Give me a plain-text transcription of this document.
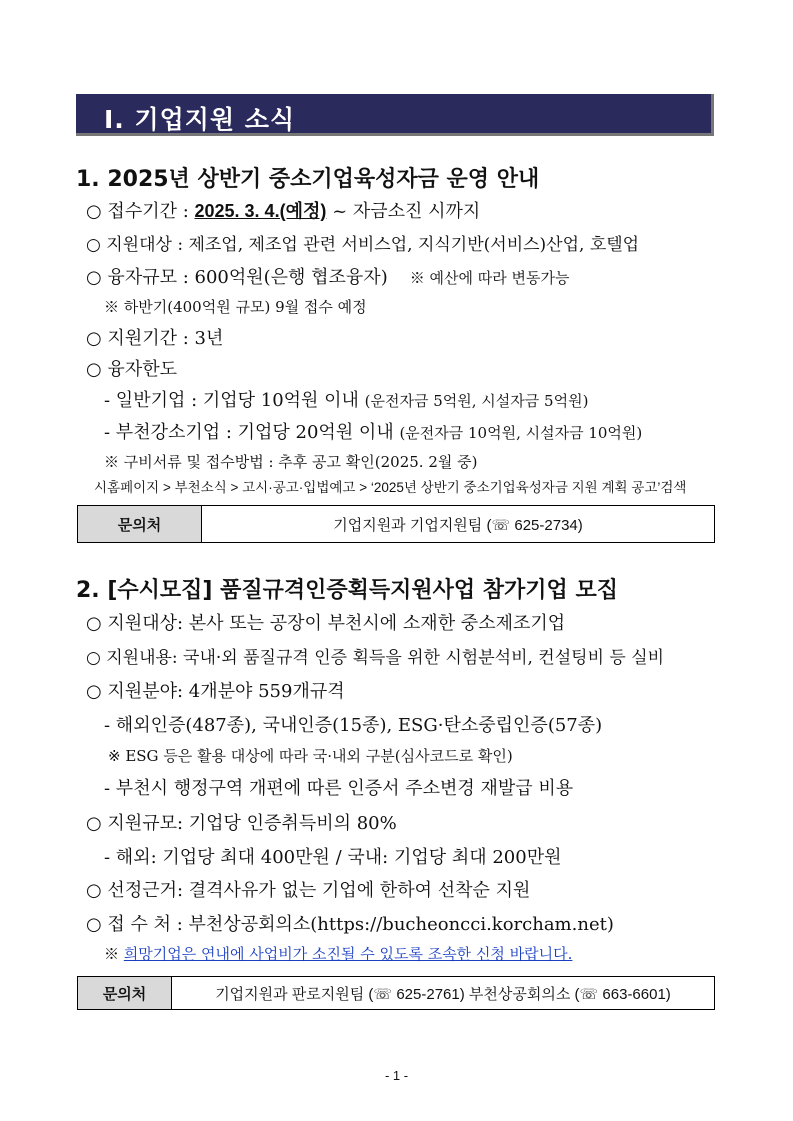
Ⅰ. 기업지원 소식
1. 2025년 상반기 중소기업육성자금 운영 안내
○ 접수기간 : 2025. 3. 4.(예정) ~ 자금소진 시까지
○ 지원대상 : 제조업, 제조업 관련 서비스업, 지식기반(서비스)산업, 호텔업
○ 융자규모 : 600억원(은행 협조융자) ※ 예산에 따라 변동가능
※ 하반기(400억원 규모) 9월 접수 예정
○ 지원기간 : 3년
○ 융자한도
- 일반기업 : 기업당 10억원 이내 (운전자금 5억원, 시설자금 5억원)
- 부천강소기업 : 기업당 20억원 이내 (운전자금 10억원, 시설자금 10억원)
※ 구비서류 및 접수방법 : 추후 공고 확인(2025. 2월 중)
시홈페이지 > 부천소식 > 고시·공고·입법예고 > ‘2025년 상반기 중소기업육성자금 지원 계획 공고’검색
문의처	기업지원과 기업지원팀 (☏ 625-2734)
2. [수시모집] 품질규격인증획득지원사업 참가기업 모집
○ 지원대상: 본사 또는 공장이 부천시에 소재한 중소제조기업
○ 지원내용: 국내·외 품질규격 인증 획득을 위한 시험분석비, 컨설팅비 등 실비
○ 지원분야: 4개분야 559개규격
- 해외인증(487종), 국내인증(15종), ESG·탄소중립인증(57종)
※ ESG 등은 활용 대상에 따라 국·내외 구분(심사코드로 확인)
- 부천시 행정구역 개편에 따른 인증서 주소변경 재발급 비용
○ 지원규모: 기업당 인증취득비의 80%
- 해외: 기업당 최대 400만원 / 국내: 기업당 최대 200만원
○ 선정근거: 결격사유가 없는 기업에 한하여 선착순 지원
○ 접 수 처 : 부천상공회의소(https://bucheoncci.korcham.net)
※ 희망기업은 연내에 사업비가 소진될 수 있도록 조속한 신청 바랍니다.
문의처	기업지원과 판로지원팀 (☏ 625-2761) 부천상공회의소 (☏ 663-6601)
- 1 -
